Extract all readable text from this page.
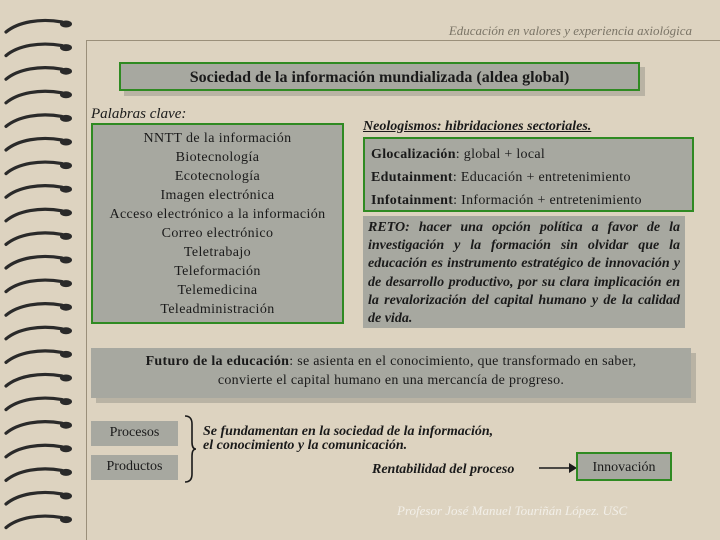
Educación en valores y experiencia axiológica
Sociedad de la información mundializada (aldea global)
Palabras clave:
NNTT de la información
Biotecnología
Ecotecnología
Imagen electrónica
Acceso electrónico a la información
Correo electrónico
Teletrabajo
Teleformación
Telemedicina
Teleadministración
Neologismos: hibridaciones sectoriales.
Glocalización: global + local
Edutainment: Educación + entretenimiento
Infotainment: Información + entretenimiento
RETO: hacer una opción política a favor de la investigación y la formación sin olvidar que la educación es instrumento estratégico de innovación y de desarrollo productivo, por su clara implicación en la revalorización del capital humano y de la calidad de vida.
Futuro de la educación: se asienta en el conocimiento, que transformado en saber,
convierte el capital humano en una mercancía de progreso.
Procesos
Productos
Se fundamentan en la sociedad de la información,
el conocimiento y la comunicación.
Rentabilidad del proceso	Innovación
Profesor José Manuel Touriñán López. USC
